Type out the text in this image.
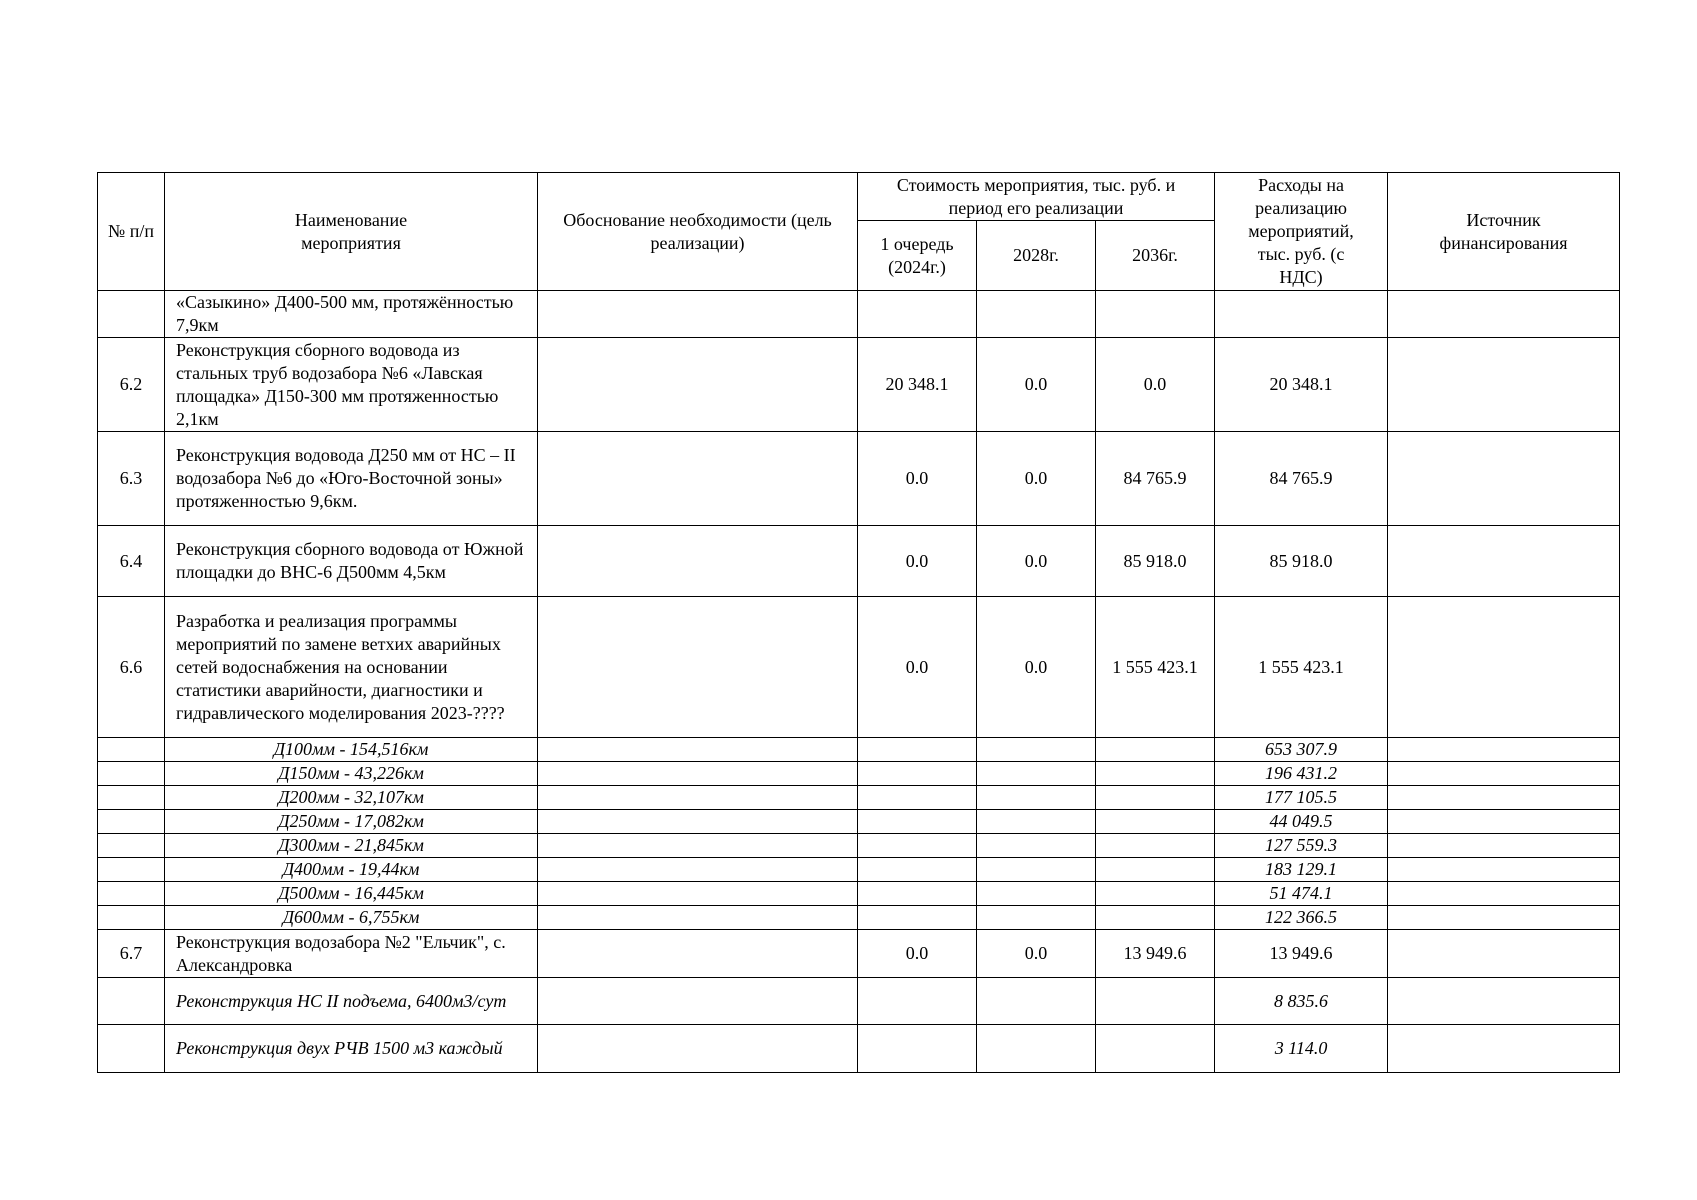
№ п/п	Наименование мероприятия	Обоснование необходимости (цель реализации)	Стоимость мероприятия, тыс. руб. и период его реализации			Расходы на реализацию мероприятий, тыс. руб. (с НДС)	Источник финансирования
			1 очередь (2024г.)	2028г.	2036г.		
	«Сазыкино» Д400-500 мм, протяжённостью 7,9км						
6.2	Реконструкция сборного водовода из стальных труб водозабора №6 «Лавская площадка» Д150-300 мм протяженностью 2,1км		20 348.1	0.0	0.0	20 348.1	
6.3	Реконструкция водовода Д250 мм от НС – II водозабора №6 до «Юго-Восточной зоны» протяженностью 9,6км.		0.0	0.0	84 765.9	84 765.9	
6.4	Реконструкция сборного водовода от Южной площадки до ВНС-6 Д500мм 4,5км		0.0	0.0	85 918.0	85 918.0	
6.6	Разработка и реализация программы мероприятий по замене ветхих аварийных сетей водоснабжения на основании статистики аварийности, диагностики и гидравлического моделирования 2023-????		0.0	0.0	1 555 423.1	1 555 423.1	
	Д100мм - 154,516км					653 307.9	
	Д150мм - 43,226км					196 431.2	
	Д200мм - 32,107км					177 105.5	
	Д250мм - 17,082км					44 049.5	
	Д300мм - 21,845км					127 559.3	
	Д400мм - 19,44км					183 129.1	
	Д500мм - 16,445км					51 474.1	
	Д600мм - 6,755км					122 366.5	
6.7	Реконструкция водозабора №2 "Ельчик", с. Александровка		0.0	0.0	13 949.6	13 949.6	
	Реконструкция НС II подъема, 6400м3/сут					8 835.6	
	Реконструкция двух РЧВ 1500 м3 каждый					3 114.0	
